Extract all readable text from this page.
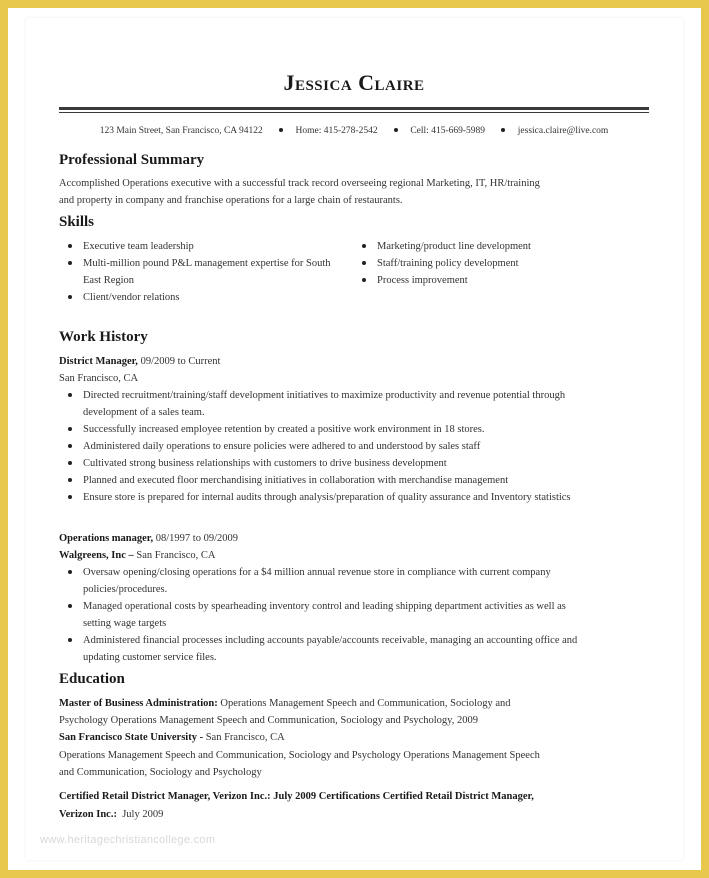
Jessica Claire
123 Main Street, San Francisco, CA 94122	Home: 415-278-2542	Cell: 415-669-5989	jessica.claire@live.com
Professional Summary
Accomplished Operations executive with a successful track record overseeing regional Marketing, IT, HR/training
and property in company and franchise operations for a large chain of restaurants.
Skills
Executive team leadership
Multi-million pound P&L management expertise for South East Region
Client/vendor relations
Marketing/product line development
Staff/training policy development
Process improvement
Work History
District Manager, 09/2009 to Current
San Francisco, CA
Directed recruitment/training/staff development initiatives to maximize productivity and revenue potential through development of a sales team.
Successfully increased employee retention by created a positive work environment in 18 stores.
Administered daily operations to ensure policies were adhered to and understood by sales staff
Cultivated strong business relationships with customers to drive business development
Planned and executed floor merchandising initiatives in collaboration with merchandise management
Ensure store is prepared for internal audits through analysis/preparation of quality assurance and Inventory statistics
Operations manager, 08/1997 to 09/2009
Walgreens, Inc – San Francisco, CA
Oversaw opening/closing operations for a $4 million annual revenue store in compliance with current company policies/procedures.
Managed operational costs by spearheading inventory control and leading shipping department activities as well as setting wage targets
Administered financial processes including accounts payable/accounts receivable, managing an accounting office and updating customer service files.
Education
Master of Business Administration: Operations Management Speech and Communication, Sociology and
Psychology Operations Management Speech and Communication, Sociology and Psychology, 2009
San Francisco State University - San Francisco, CA
Operations Management Speech and Communication, Sociology and Psychology Operations Management Speech
and Communication, Sociology and Psychology
Certified Retail District Manager, Verizon Inc.: July 2009 Certifications Certified Retail District Manager,
Verizon Inc.:  July 2009
www.heritagechristiancollege.com
